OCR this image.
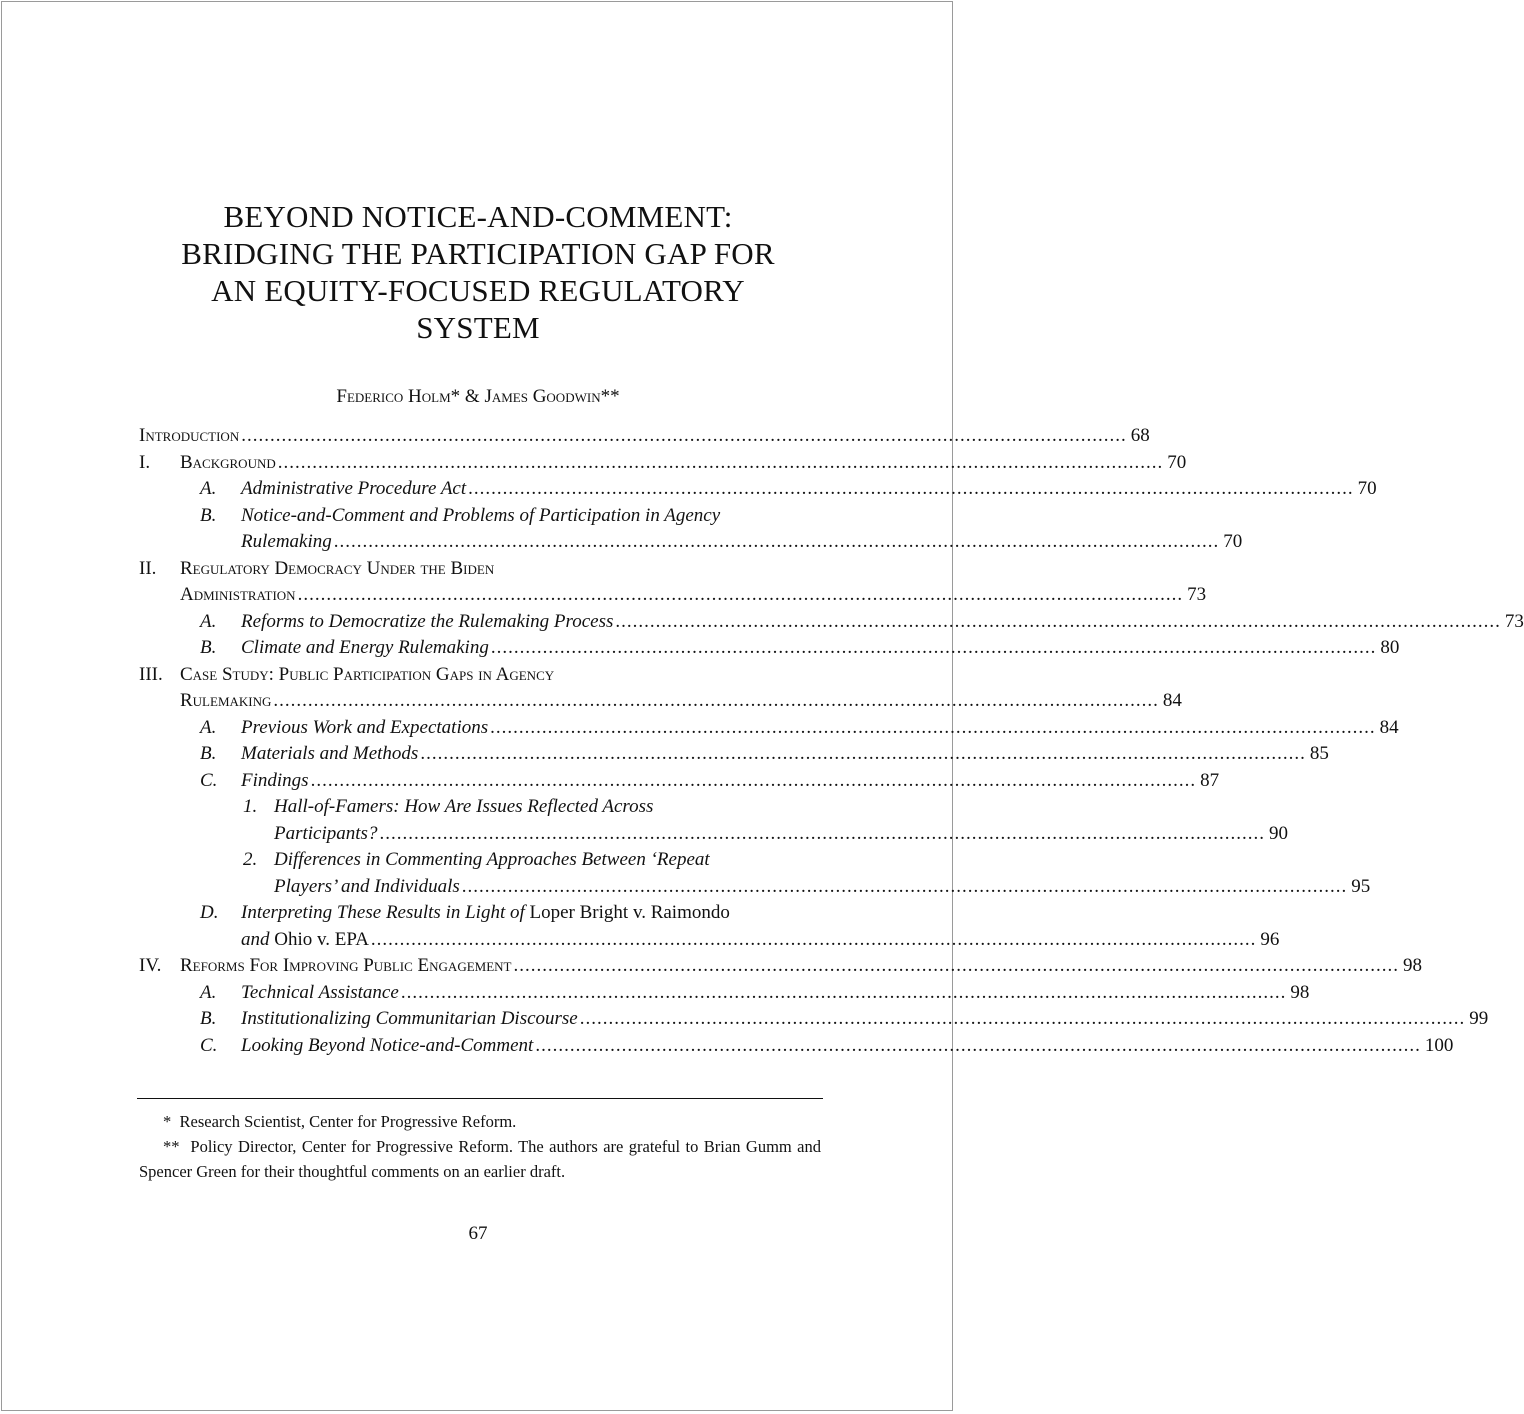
BEYOND NOTICE-AND-COMMENT:
BRIDGING THE PARTICIPATION GAP FOR
AN EQUITY-FOCUSED REGULATORY
SYSTEM
Federico Holm* & James Goodwin**
Introduction .......................................................................................................................................................... 68
I. Background .......................................................................................................................................................... 70
A. Administrative Procedure Act .......................................................................................................................................................... 70
B. Notice-and-Comment and Problems of Participation in Agency
Rulemaking .......................................................................................................................................................... 70
II. Regulatory Democracy Under the Biden
Administration .......................................................................................................................................................... 73
A. Reforms to Democratize the Rulemaking Process .......................................................................................................................................................... 73
B. Climate and Energy Rulemaking .......................................................................................................................................................... 80
III. Case Study: Public Participation Gaps in Agency
Rulemaking .......................................................................................................................................................... 84
A. Previous Work and Expectations .......................................................................................................................................................... 84
B. Materials and Methods .......................................................................................................................................................... 85
C. Findings .......................................................................................................................................................... 87
1. Hall-of-Famers: How Are Issues Reflected Across
Participants? .......................................................................................................................................................... 90
2. Differences in Commenting Approaches Between ‘Repeat
Players’ and Individuals .......................................................................................................................................................... 95
D. Interpreting These Results in Light of Loper Bright v. Raimondo
and Ohio v. EPA .......................................................................................................................................................... 96
IV. Reforms For Improving Public Engagement .......................................................................................................................................................... 98
A. Technical Assistance .......................................................................................................................................................... 98
B. Institutionalizing Communitarian Discourse .......................................................................................................................................................... 99
C. Looking Beyond Notice-and-Comment .......................................................................................................................................................... 100
* Research Scientist, Center for Progressive Reform.
** Policy Director, Center for Progressive Reform. The authors are grateful to Brian Gumm and Spencer Green for their thoughtful comments on an earlier draft.
67
